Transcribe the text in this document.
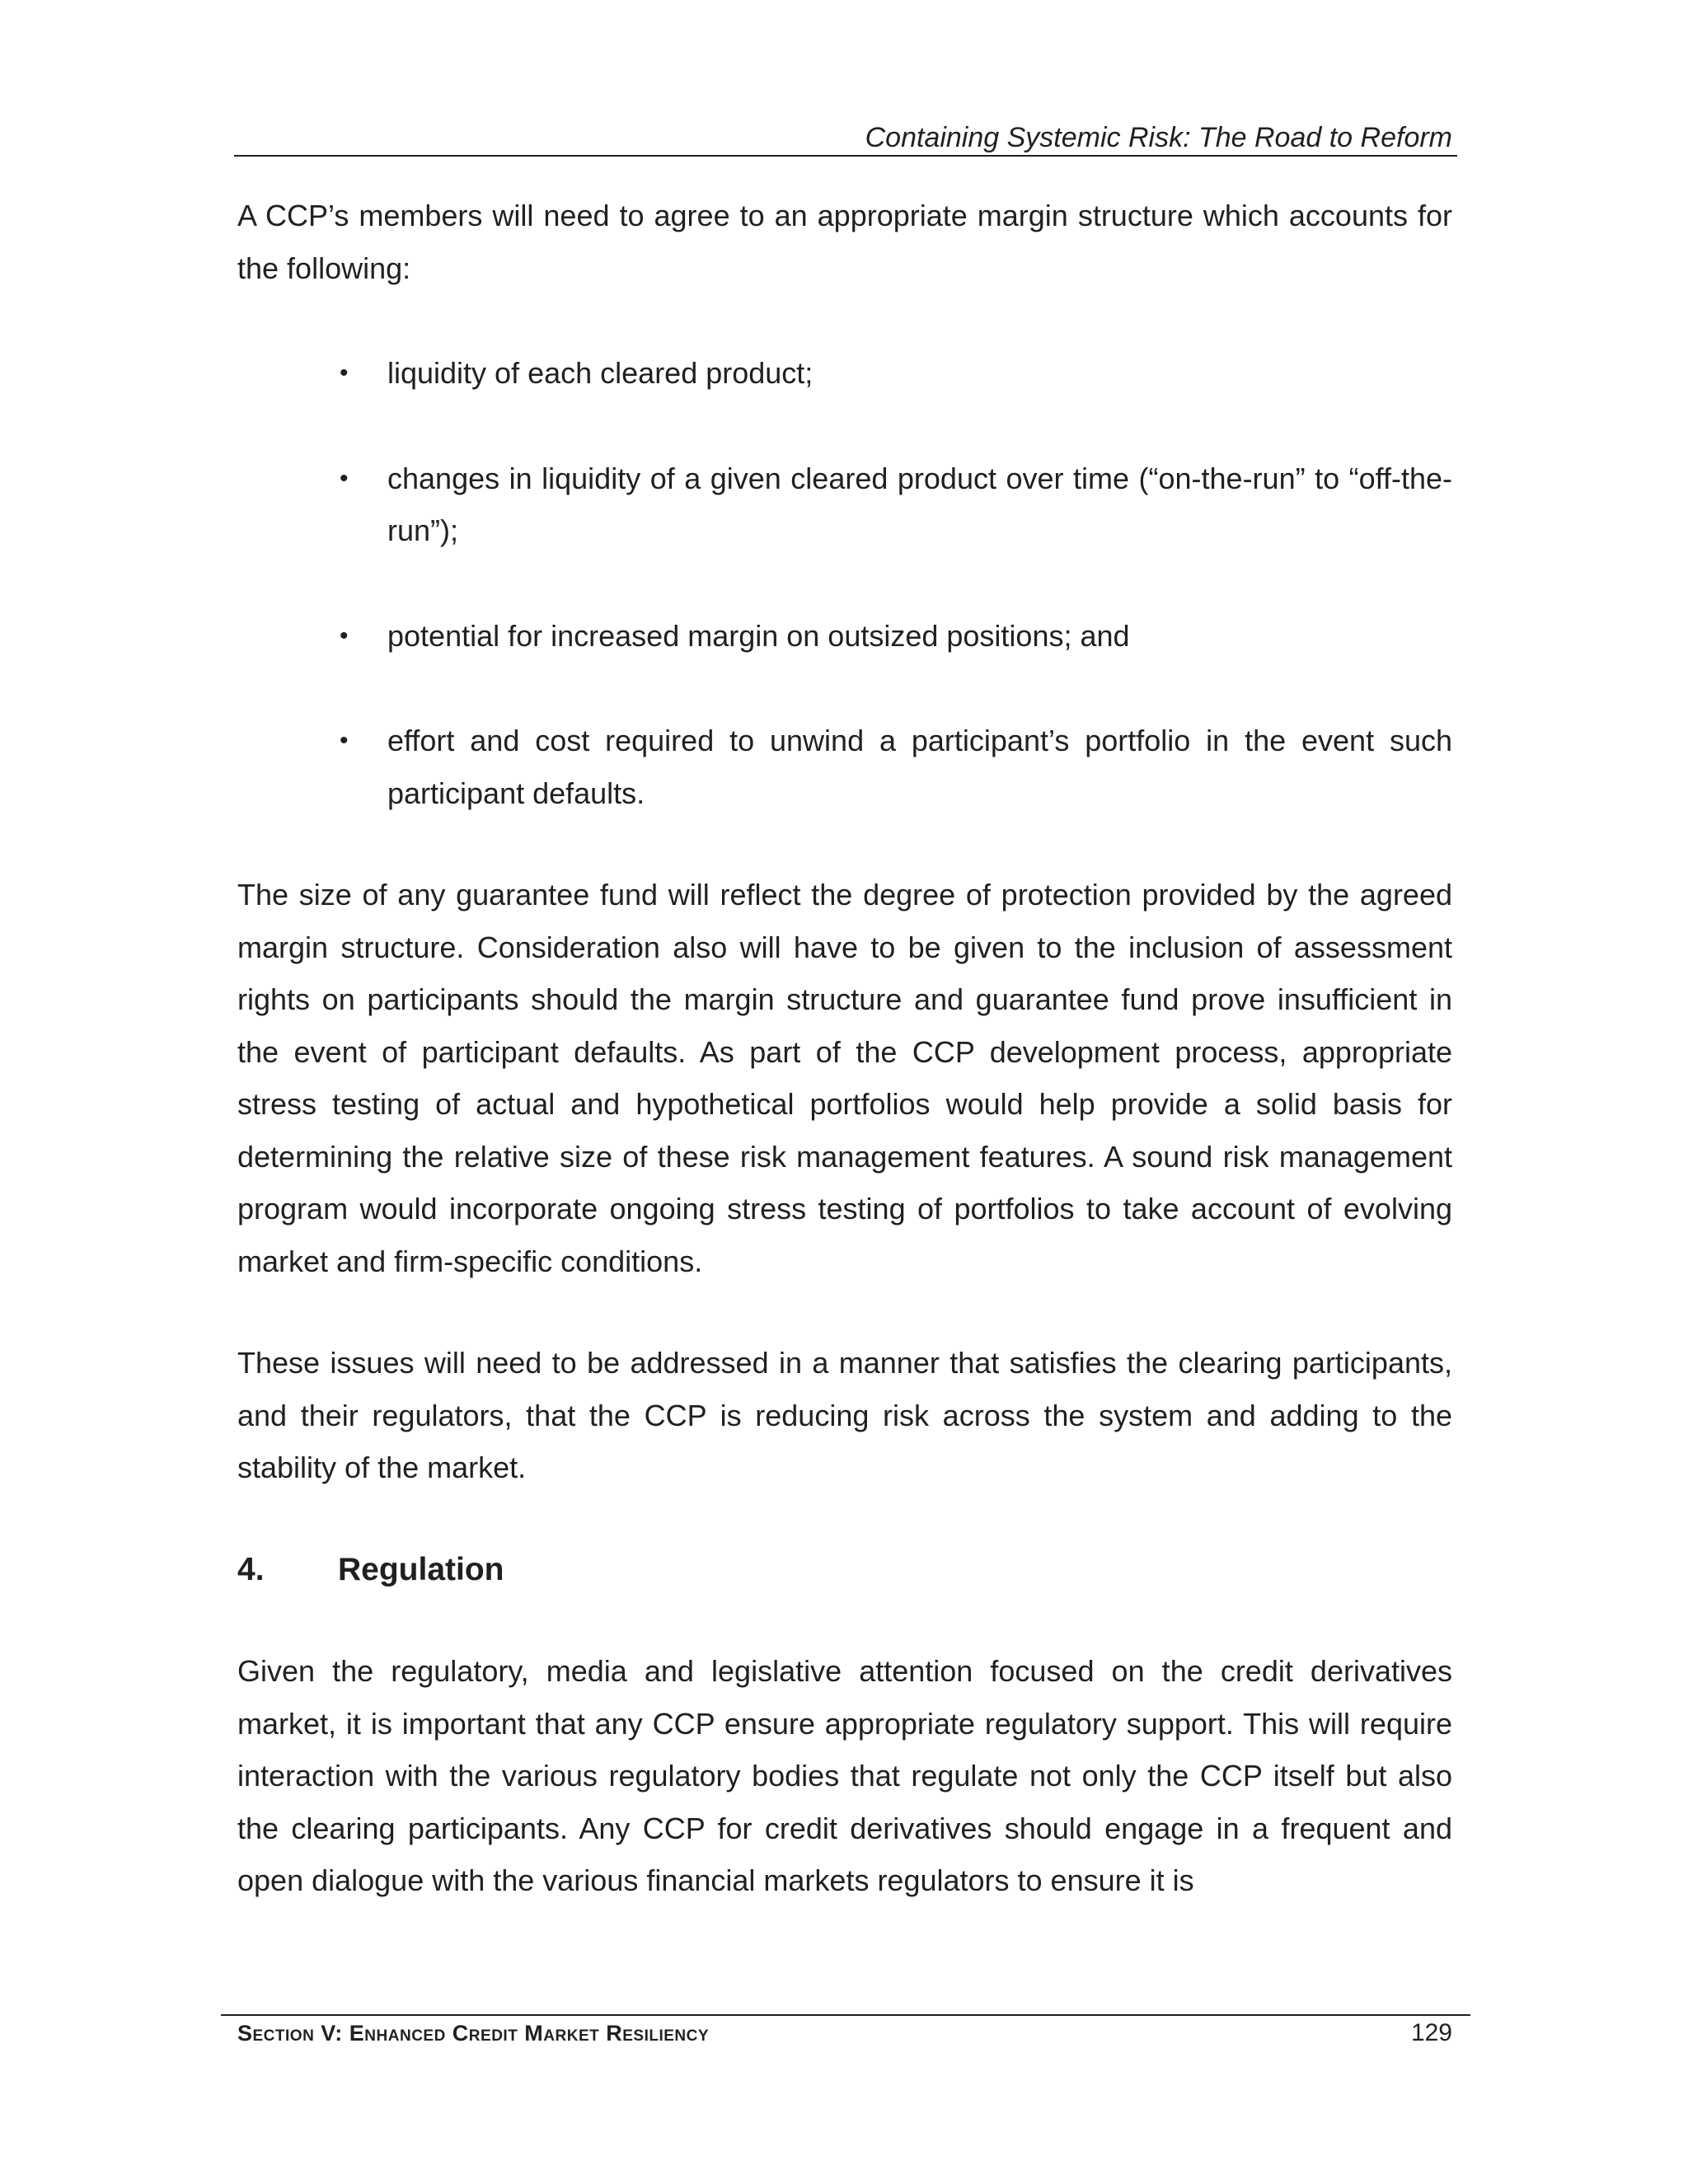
Containing Systemic Risk: The Road to Reform

A CCP’s members will need to agree to an appropriate margin structure which accounts for the following:

• liquidity of each cleared product;
• changes in liquidity of a given cleared product over time (“on-the-run” to “off-the-run”);
• potential for increased margin on outsized positions; and
• effort and cost required to unwind a participant’s portfolio in the event such participant defaults.

The size of any guarantee fund will reflect the degree of protection provided by the agreed margin structure. Consideration also will have to be given to the inclusion of assessment rights on participants should the margin structure and guarantee fund prove insufficient in the event of participant defaults. As part of the CCP development process, appropriate stress testing of actual and hypothetical portfolios would help provide a solid basis for determining the relative size of these risk management features. A sound risk management program would incorporate ongoing stress testing of portfolios to take account of evolving market and firm-specific conditions.

These issues will need to be addressed in a manner that satisfies the clearing participants, and their regulators, that the CCP is reducing risk across the system and adding to the stability of the market.

4.	Regulation

Given the regulatory, media and legislative attention focused on the credit derivatives market, it is important that any CCP ensure appropriate regulatory support. This will require interaction with the various regulatory bodies that regulate not only the CCP itself but also the clearing participants. Any CCP for credit derivatives should engage in a frequent and open dialogue with the various financial markets regulators to ensure it is

Section V: Enhanced Credit Market Resiliency	129
